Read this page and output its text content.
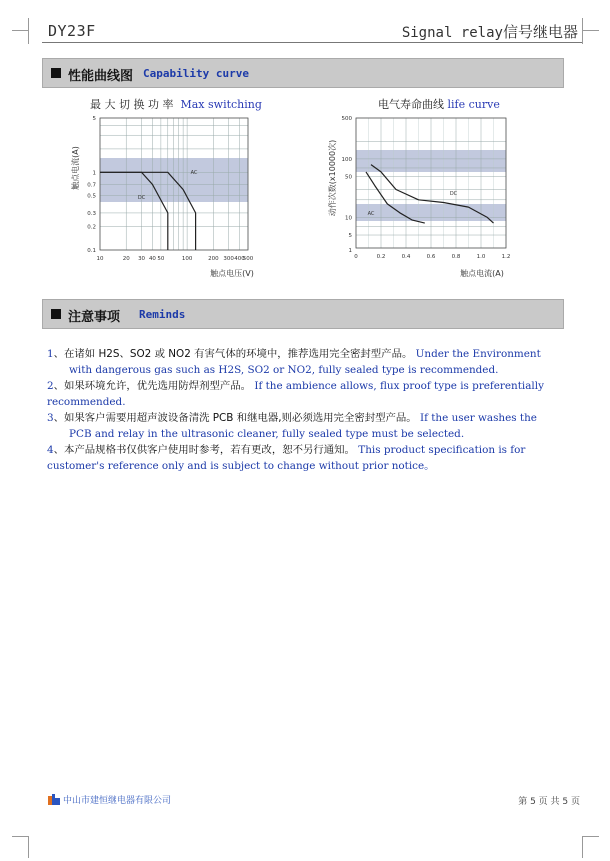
DY23F	Signal relay信号继电器
性能曲线图 Capability curve
最 大 切 换 功 率 Max switching	电气寿命曲线 life curve
10	20 30 40 50	100	200 300 400
500
5
1
0.7
0.5
0.3
0.2
0.1
DC
AC
触点电压(V)
触点电流(A)
0	0.2	0.4	0.6	0.8	1.0	1.2
500
100
50
10
5
1
DC
AC
触点电流(A)
动作次数(x10000次)
注意事项 Reminds
1、在诸如 H2S、SO2 或 NO2 有害气体的环境中，推荐选用完全密封型产品。 Under the Environment
with dangerous gas such as H2S, SO2 or NO2, fully sealed type is recommended.
2、如果环境允许，优先选用防焊剂型产品。 If the ambience allows, flux proof type is preferentially
recommended.
3、如果客户需要用超声波设备清洗 PCB 和继电器,则必须选用完全密封型产品。 If the user washes the
PCB and relay in the ultrasonic cleaner, fully sealed type must be selected.
4、本产品规格书仅供客户使用时参考，若有更改，恕不另行通知。 This product specification is for
customer's reference only and is subject to change without prior notice。
中山市建恒继电器有限公司	第 5 页 共 5 页
